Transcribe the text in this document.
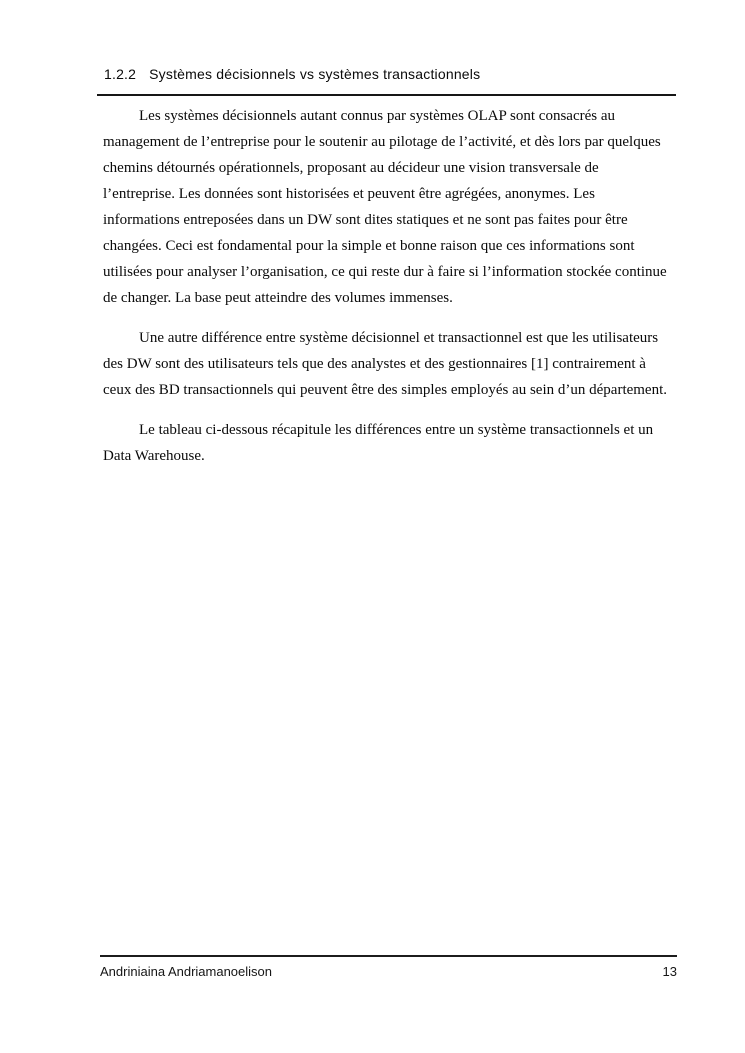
1.2.2 Systèmes décisionnels vs systèmes transactionnels
Les systèmes décisionnels autant connus par systèmes OLAP sont consacrés au
management de l’entreprise pour le soutenir au pilotage de l’activité, et dès lors par quelques
chemins détournés opérationnels, proposant au décideur une vision transversale de
l’entreprise. Les données sont historisées et peuvent être agrégées, anonymes. Les
informations entreposées dans un DW sont dites statiques et ne sont pas faites pour être
changées. Ceci est fondamental pour la simple et bonne raison que ces informations sont
utilisées pour analyser l’organisation, ce qui reste dur à faire si l’information stockée continue
de changer. La base peut atteindre des volumes immenses.
Une autre différence entre système décisionnel et transactionnel est que les utilisateurs
des DW sont des utilisateurs tels que des analystes et des gestionnaires [1] contrairement à
ceux des BD transactionnels qui peuvent être des simples employés au sein d’un département.
Le tableau ci-dessous récapitule les différences entre un système transactionnels et un
Data Warehouse.
Andriniaina Andriamanoelison	13
